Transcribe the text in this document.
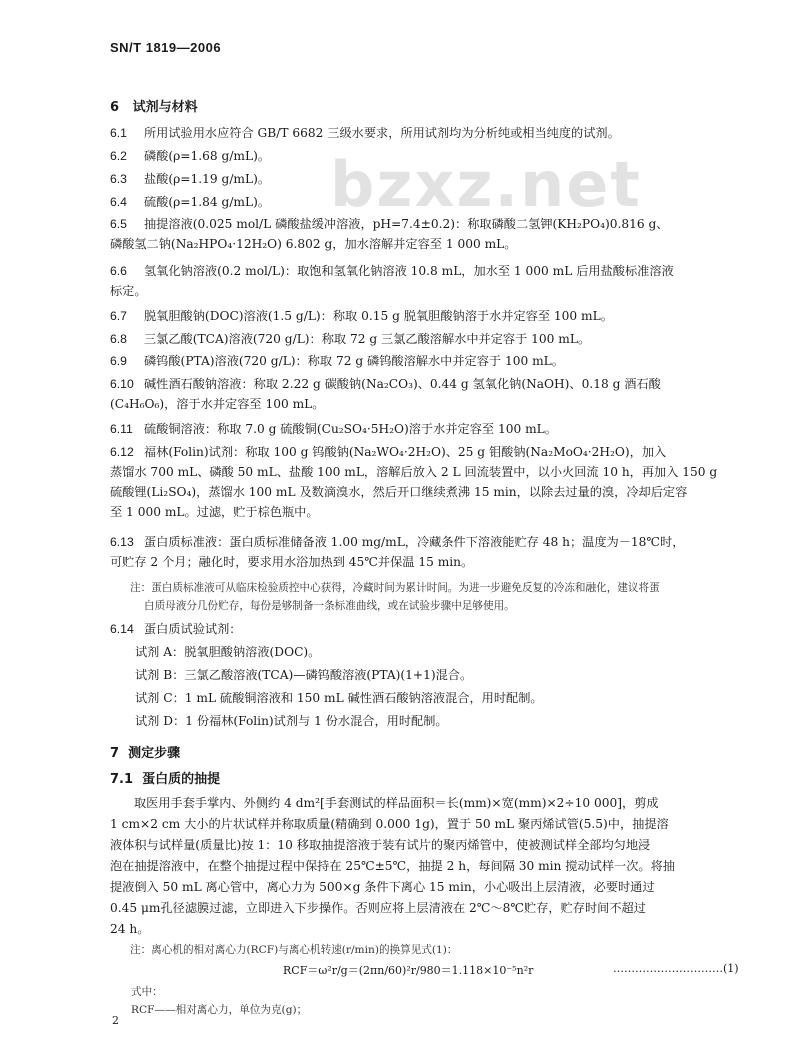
SN/T 1819—2006
bzxz.net
6 试剂与材料
6.1 所用试验用水应符合 GB/T 6682 三级水要求，所用试剂均为分析纯或相当纯度的试剂。
6.2 磷酸(ρ=1.68 g/mL)。
6.3 盐酸(ρ=1.19 g/mL)。
6.4 硫酸(ρ=1.84 g/mL)。
6.5 抽提溶液(0.025 mol/L 磷酸盐缓冲溶液，pH=7.4±0.2)：称取磷酸二氢钾(KH₂PO₄)0.816 g、
磷酸氢二钠(Na₂HPO₄·12H₂O) 6.802 g，加水溶解并定容至 1 000 mL。
6.6 氢氧化钠溶液(0.2 mol/L)：取饱和氢氧化钠溶液 10.8 mL，加水至 1 000 mL 后用盐酸标准溶液
标定。
6.7 脱氧胆酸钠(DOC)溶液(1.5 g/L)：称取 0.15 g 脱氧胆酸钠溶于水并定容至 100 mL。
6.8 三氯乙酸(TCA)溶液(720 g/L)：称取 72 g 三氯乙酸溶解水中并定容于 100 mL。
6.9 磷钨酸(PTA)溶液(720 g/L)：称取 72 g 磷钨酸溶解水中并定容于 100 mL。
6.10 碱性酒石酸钠溶液：称取 2.22 g 碳酸钠(Na₂CO₃)、0.44 g 氢氧化钠(NaOH)、0.18 g 酒石酸
(C₄H₆O₆)，溶于水并定容至 100 mL。
6.11 硫酸铜溶液：称取 7.0 g 硫酸铜(Cu₂SO₄·5H₂O)溶于水并定容至 100 mL。
6.12 福林(Folin)试剂：称取 100 g 钨酸钠(Na₂WO₄·2H₂O)、25 g 钼酸钠(Na₂MoO₄·2H₂O)，加入
蒸馏水 700 mL、磷酸 50 mL、盐酸 100 mL，溶解后放入 2 L 回流装置中，以小火回流 10 h，再加入 150 g
硫酸锂(Li₂SO₄)，蒸馏水 100 mL 及数滴溴水，然后开口继续煮沸 15 min，以除去过量的溴，冷却后定容
至 1 000 mL。过滤，贮于棕色瓶中。
6.13 蛋白质标准液：蛋白质标准储备液 1.00 mg/mL，冷藏条件下溶液能贮存 48 h；温度为－18℃时，
可贮存 2 个月；融化时，要求用水浴加热到 45℃并保温 15 min。
注：蛋白质标准液可从临床检验质控中心获得，冷藏时间为累计时间。为进一步避免反复的冷冻和融化，建议将蛋
白质母液分几份贮存，每份是够制备一条标准曲线，或在试验步骤中足够使用。
6.14 蛋白质试验试剂：
试剂 A：脱氧胆酸钠溶液(DOC)。
试剂 B：三氯乙酸溶液(TCA)—磷钨酸溶液(PTA)(1+1)混合。
试剂 C：1 mL 硫酸铜溶液和 150 mL 碱性酒石酸钠溶液混合，用时配制。
试剂 D：1 份福林(Folin)试剂与 1 份水混合，用时配制。
7 测定步骤
7.1 蛋白质的抽提
取医用手套手掌内、外侧约 4 dm²[手套测试的样品面积＝长(mm)×宽(mm)×2÷10 000]，剪成
1 cm×2 cm 大小的片状试样并称取质量(精确到 0.000 1g)，置于 50 mL 聚丙烯试管(5.5)中，抽提溶
液体积与试样量(质量比)按 1：10 移取抽提溶液于装有试片的聚丙烯管中，使被测试样全部均匀地浸
泡在抽提溶液中，在整个抽提过程中保持在 25℃±5℃，抽提 2 h，每间隔 30 min 搅动试样一次。将抽
提液倒入 50 mL 离心管中，离心力为 500×g 条件下离心 15 min，小心吸出上层清液，必要时通过
0.45 μm孔径滤膜过滤，立即进入下步操作。否则应将上层清液在 2℃～8℃贮存，贮存时间不超过
24 h。
注：离心机的相对离心力(RCF)与离心机转速(r/min)的换算见式(1)：
RCF＝ω²r/g＝(2πn/60)²r/980＝1.118×10⁻⁵n²r	…………………………(1)
式中：
RCF——相对离心力，单位为克(g)；
2
